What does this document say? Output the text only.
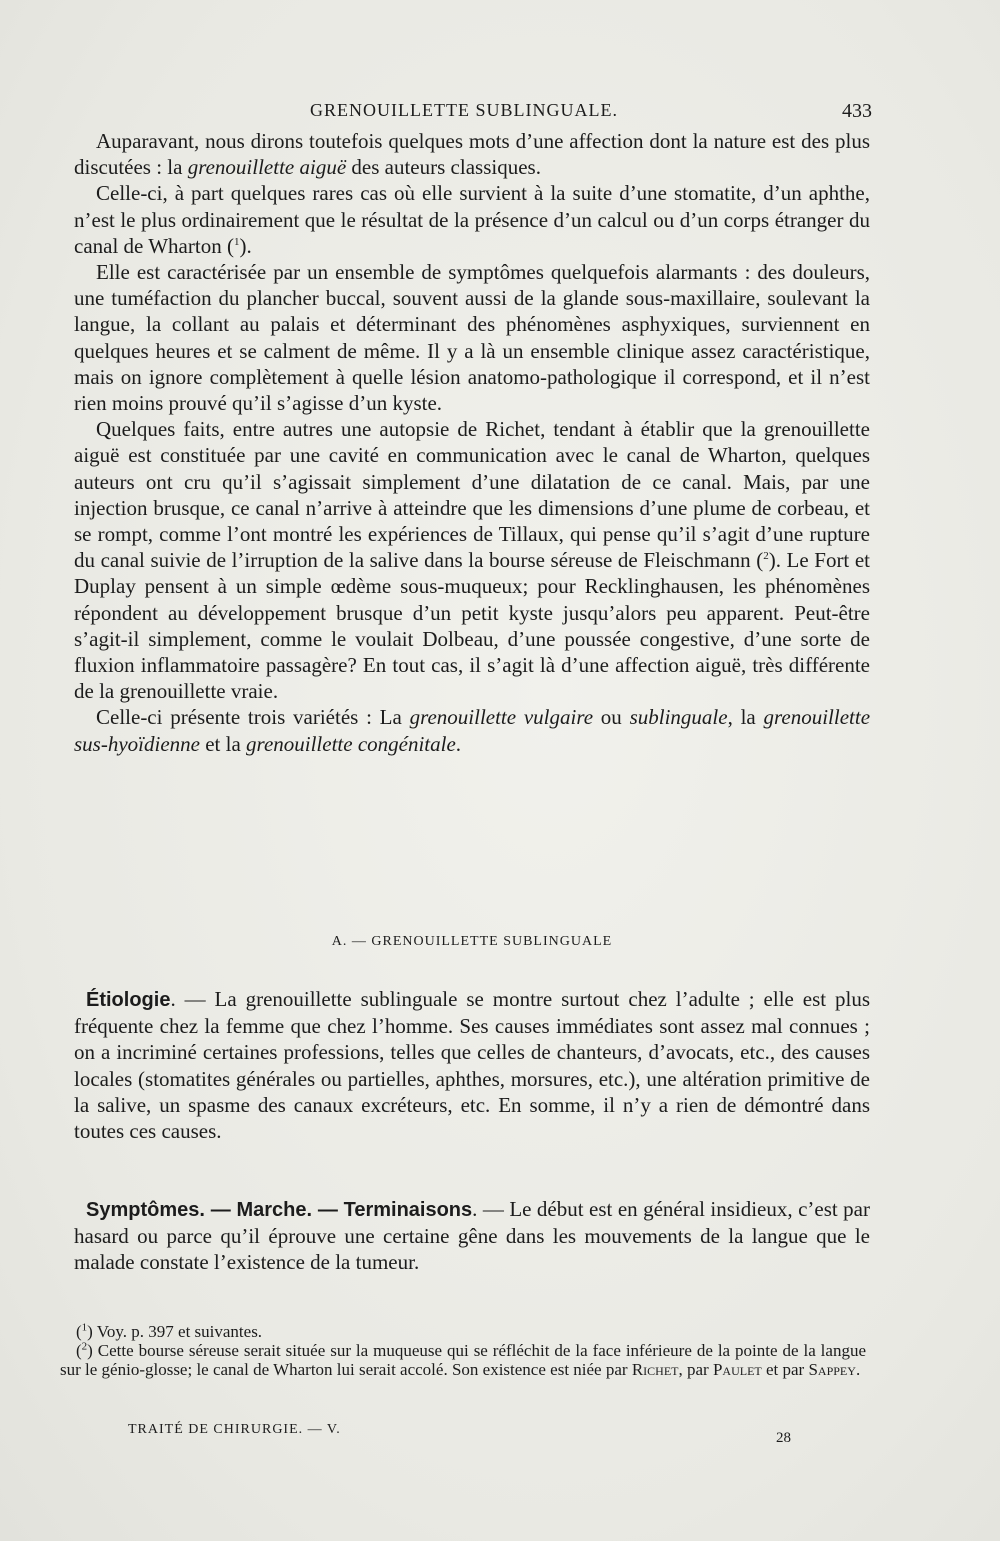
GRENOUILLETTE SUBLINGUALE.	433

Auparavant, nous dirons toutefois quelques mots d’une affection dont la nature est des plus discutées : la grenouillette aiguë des auteurs classiques.

Celle-ci, à part quelques rares cas où elle survient à la suite d’une stomatite, d’un aphthe, n’est le plus ordinairement que le résultat de la présence d’un calcul ou d’un corps étranger du canal de Wharton ($^1$).

Elle est caractérisée par un ensemble de symptômes quelquefois alarmants : des douleurs, une tuméfaction du plancher buccal, souvent aussi de la glande sous-maxillaire, soulevant la langue, la collant au palais et déterminant des phénomènes asphyxiques, surviennent en quelques heures et se calment de même. Il y a là un ensemble clinique assez caractéristique, mais on ignore complètement à quelle lésion anatomo-pathologique il correspond, et il n’est rien moins prouvé qu’il s’agisse d’un kyste.

Quelques faits, entre autres une autopsie de Richet, tendant à établir que la grenouillette aiguë est constituée par une cavité en communication avec le canal de Wharton, quelques auteurs ont cru qu’il s’agissait simplement d’une dilatation de ce canal. Mais, par une injection brusque, ce canal n’arrive à atteindre que les dimensions d’une plume de corbeau, et se rompt, comme l’ont montré les expériences de Tillaux, qui pense qu’il s’agit d’une rupture du canal suivie de l’irruption de la salive dans la bourse séreuse de Fleischmann ($^2$). Le Fort et Duplay pensent à un simple œdème sous-muqueux; pour Recklinghausen, les phénomènes répondent au développement brusque d’un petit kyste jusqu’alors peu apparent. Peut-être s’agit-il simplement, comme le voulait Dolbeau, d’une poussée congestive, d’une sorte de fluxion inflammatoire passagère? En tout cas, il s’agit là d’une affection aiguë, très différente de la grenouillette vraie.

Celle-ci présente trois variétés : La grenouillette vulgaire ou sublinguale, la grenouillette sus-hyoïdienne et la grenouillette congénitale.

A. — GRENOUILLETTE SUBLINGUALE

Étiologie. — La grenouillette sublinguale se montre surtout chez l’adulte ; elle est plus fréquente chez la femme que chez l’homme. Ses causes immédiates sont assez mal connues ; on a incriminé certaines professions, telles que celles de chanteurs, d’avocats, etc., des causes locales (stomatites générales ou partielles, aphthes, morsures, etc.), une altération primitive de la salive, un spasme des canaux excréteurs, etc. En somme, il n’y a rien de démontré dans toutes ces causes.

Symptômes. — Marche. — Terminaisons. — Le début est en général insidieux, c’est par hasard ou parce qu’il éprouve une certaine gêne dans les mouvements de la langue que le malade constate l’existence de la tumeur.

($^1$) Voy. p. 397 et suivantes.

($^2$) Cette bourse séreuse serait située sur la muqueuse qui se réfléchit de la face inférieure de la pointe de la langue sur le génio-glosse; le canal de Wharton lui serait accolé. Son existence est niée par Richet, par Paulet et par Sappey.

TRAITÉ DE CHIRURGIE. — V.
28
